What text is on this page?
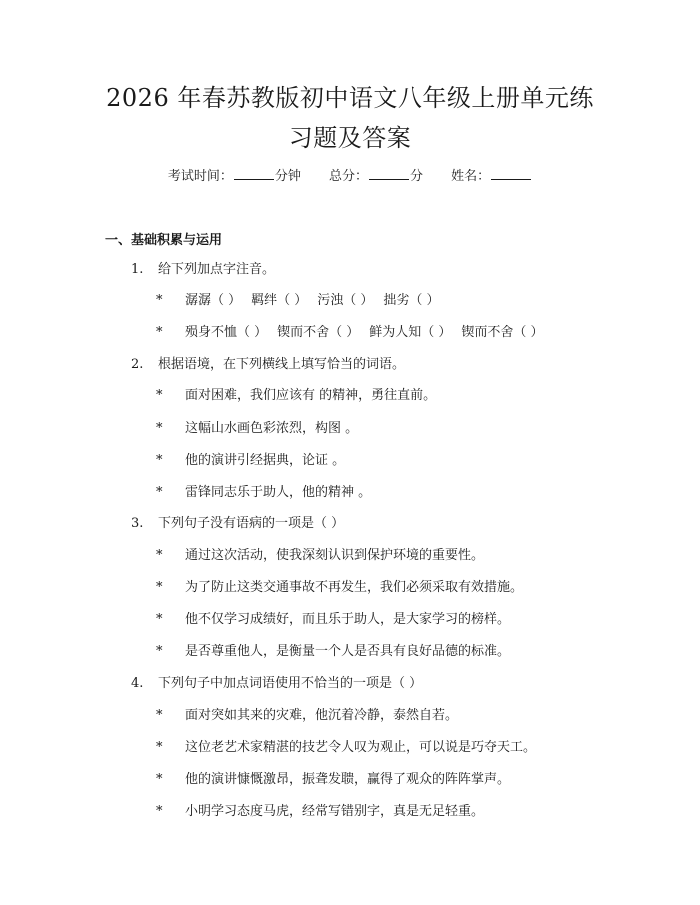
2026 年春苏教版初中语文八年级上册单元练
习题及答案
考试时间：	分钟 总分：	分 姓名：
一、基础积累与运用
1. 给下列加点字注音。
* 潺潺（ ） 羁绊（ ） 污浊（ ） 拙劣（ ）
* 殒身不恤（ ） 锲而不舍（ ） 鲜为人知（ ） 锲而不舍（ ）
2. 根据语境，在下列横线上填写恰当的词语。
* 面对困难，我们应该有 的精神，勇往直前。
* 这幅山水画色彩浓烈，构图 。
* 他的演讲引经据典，论证 。
* 雷锋同志乐于助人，他的精神 。
3. 下列句子没有语病的一项是（ ）
* 通过这次活动，使我深刻认识到保护环境的重要性。
* 为了防止这类交通事故不再发生，我们必须采取有效措施。
* 他不仅学习成绩好，而且乐于助人，是大家学习的榜样。
* 是否尊重他人，是衡量一个人是否具有良好品德的标准。
4. 下列句子中加点词语使用不恰当的一项是（ ）
* 面对突如其来的灾难，他沉着冷静，泰然自若。
* 这位老艺术家精湛的技艺令人叹为观止，可以说是巧夺天工。
* 他的演讲慷慨激昂，振聋发聩，赢得了观众的阵阵掌声。
* 小明学习态度马虎，经常写错别字，真是无足轻重。
